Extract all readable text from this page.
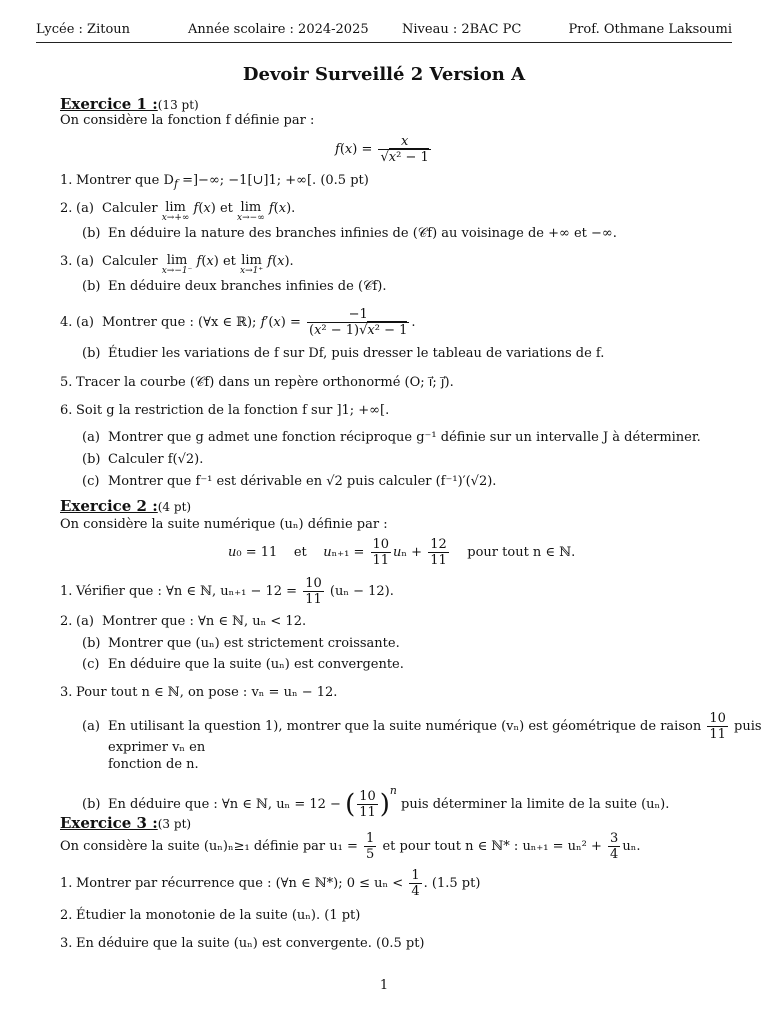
Lycée : Zitoun	Année scolaire : 2024-2025	Niveau : 2BAC PC	Prof. Othmane Laksoumi
Devoir Surveillé 2 Version A
Exercice 1 :(13 pt)
On considère la fonction f définie par :
$f(x) = \frac{x}{\text{√x² − 1}}$
1. Montrer que $D_f$ =]−∞; −1[∪]1; +∞[. (0.5 pt)
2. (a) Calculer lim
x→+∞
f(x) et lim
x→−∞
f(x).
(b) En déduire la nature des branches infinies de (𝒞f) au voisinage de +∞ et −∞.
3. (a) Calculer lim
x→−1⁻
f(x) et lim
x→1⁺
f(x).
(b) En déduire deux branches infinies de (𝒞f).
4. (a) Montrer que : (∀x ∈ ℝ); $f'(x) = \frac{-1}{\text{(x² − 1)√x² − 1}}$ .
(b) Étudier les variations de f sur Df, puis dresser le tableau de variations de f.
5. Tracer la courbe (𝒞f) dans un repère orthonormé (O; i⃗; j⃗).
6. Soit g la restriction de la fonction f sur ]1; +∞[.
(a) Montrer que g admet une fonction réciproque g⁻¹ définie sur un intervalle J à déterminer.
(b) Calculer f(√2).
(c) Montrer que f⁻¹ est dérivable en √2 puis calculer (f⁻¹)′(√2).
Exercice 2 :(4 pt)
On considère la suite numérique (uₙ) définie par :
u₀ = 11    et    $u_{n+1} = \frac{10}{11}$ $u_n + \frac{12}{11}$ pour tout n ∈ ℕ.
1. Vérifier que : ∀n ∈ ℕ, $u_{n+1} - 12 = \frac{10}{11} (u_n - 12)$.
2. (a) Montrer que : ∀n ∈ ℕ, uₙ < 12.
(b) Montrer que (uₙ) est strictement croissante.
(c) En déduire que la suite (uₙ) est convergente.
3. Pour tout n ∈ ℕ, on pose : vₙ = uₙ − 12.
(a) En utilisant la question 1), montrer que la suite numérique (vₙ) est géométrique de raison $\frac{10}{11}$ puis
exprimer vₙ en
fonction de n.
(b) En déduire que : ∀n ∈ ℕ, uₙ = 12 − ( $\frac{10}{11} )^n$ puis déterminer la limite de la suite (uₙ).
Exercice 3 :(3 pt)
On considère la suite (uₙ)ₙ≥₁ définie par $u_1 = \frac{1}{5}$ et pour tout n ∈ ℕ* : $u_{n+1} = u_n^2 + \frac{3}{4} u_n$.
1. Montrer par récurrence que : (∀n ∈ ℕ*); $0 \le u_n < \frac{1}{4}$ . (1.5 pt)
2. Étudier la monotonie de la suite (uₙ). (1 pt)
3. En déduire que la suite (uₙ) est convergente. (0.5 pt)
1
